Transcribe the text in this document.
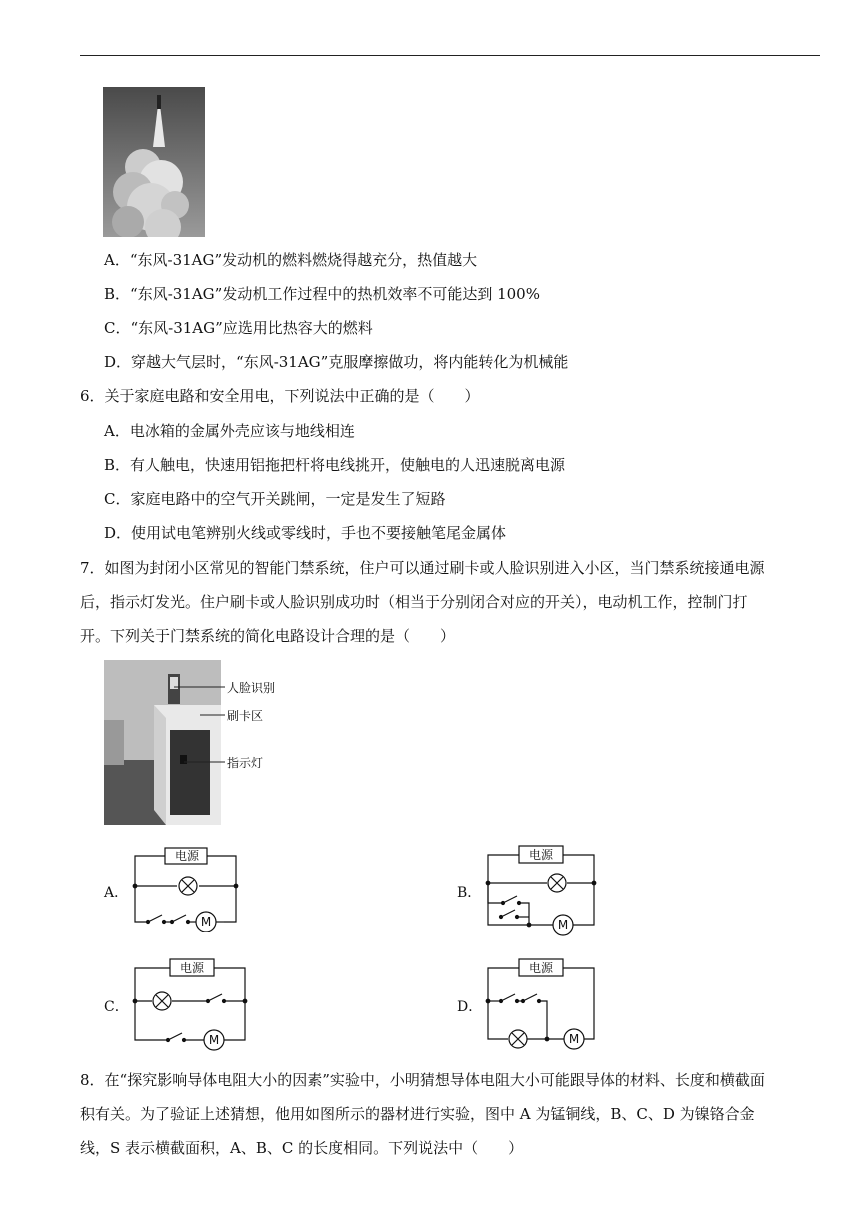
A．“东风-31AG”发动机的燃料燃烧得越充分，热值越大
B．“东风-31AG”发动机工作过程中的热机效率不可能达到 100%
C．“东风-31AG”应选用比热容大的燃料
D．穿越大气层时，“东风-31AG”克服摩擦做功，将内能转化为机械能
6．关于家庭电路和安全用电，下列说法中正确的是（　　）
A．电冰箱的金属外壳应该与地线相连
B．有人触电，快速用铝拖把杆将电线挑开，使触电的人迅速脱离电源
C．家庭电路中的空气开关跳闸，一定是发生了短路
D．使用试电笔辨别火线或零线时，手也不要接触笔尾金属体
7．如图为封闭小区常见的智能门禁系统，住户可以通过刷卡或人脸识别进入小区，当门禁系统接通电源
后，指示灯发光。住户刷卡或人脸识别成功时（相当于分别闭合对应的开关），电动机工作，控制门打
开。下列关于门禁系统的简化电路设计合理的是（　　）
人脸识别
刷卡区
指示灯
A．	B．
C．	D．
电源
M
电源
M
电源
M
电源
M
8．在“探究影响导体电阻大小的因素”实验中，小明猜想导体电阻大小可能跟导体的材料、长度和横截面
积有关。为了验证上述猜想，他用如图所示的器材进行实验，图中 A 为锰铜线，B、C、D 为镍铬合金
线，S 表示横截面积，A、B、C 的长度相同。下列说法中（　　）
